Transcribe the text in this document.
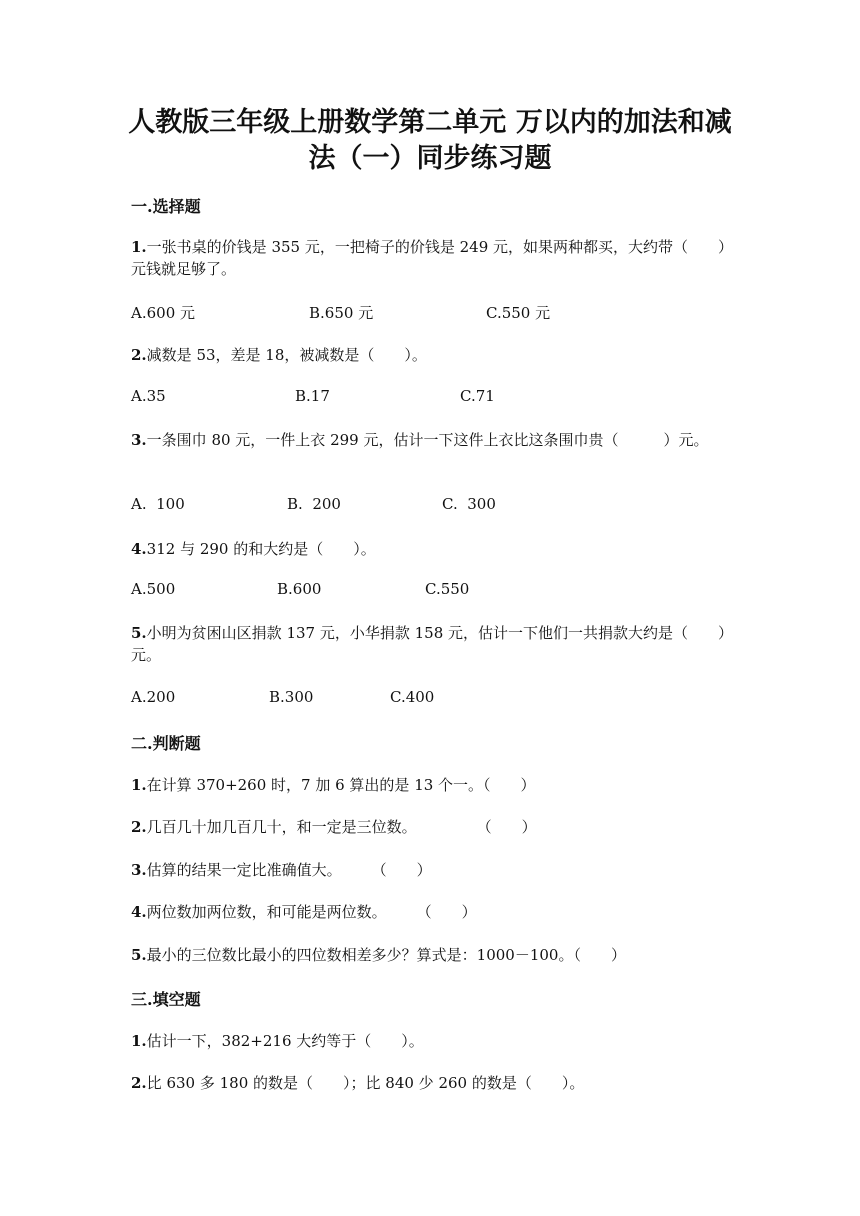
人教版三年级上册数学第二单元 万以内的加法和减
法（一）同步练习题
一.选择题
1.一张书桌的价钱是 355 元，一把椅子的价钱是 249 元，如果两种都买，大约带（　　）元钱就足够了。
A.600 元	B.650 元	C.550 元
2.减数是 53，差是 18，被减数是（　　）。
A.35	B.17	C.71
3.一条围巾 80 元，一件上衣 299 元，估计一下这件上衣比这条围巾贵（　　　）元。
A.  100	B.  200	C.  300
4.312 与 290 的和大约是（　　）。
A.500	B.600	C.550
5.小明为贫困山区捐款 137 元，小华捐款 158 元，估计一下他们一共捐款大约是（　　）元。
A.200	B.300	C.400
二.判断题
1.在计算 370+260 时，7 加 6 算出的是 13 个一。（　　）
2.几百几十加几百几十，和一定是三位数。　　　　　（　　）
3.估算的结果一定比准确值大。　　　（　　）
4.两位数加两位数，和可能是两位数。　　　（　　）
5.最小的三位数比最小的四位数相差多少？算式是：1000－100。（　　）
三.填空题
1.估计一下，382+216 大约等于（　　）。
2.比 630 多 180 的数是（　　）；比 840 少 260 的数是（　　）。
